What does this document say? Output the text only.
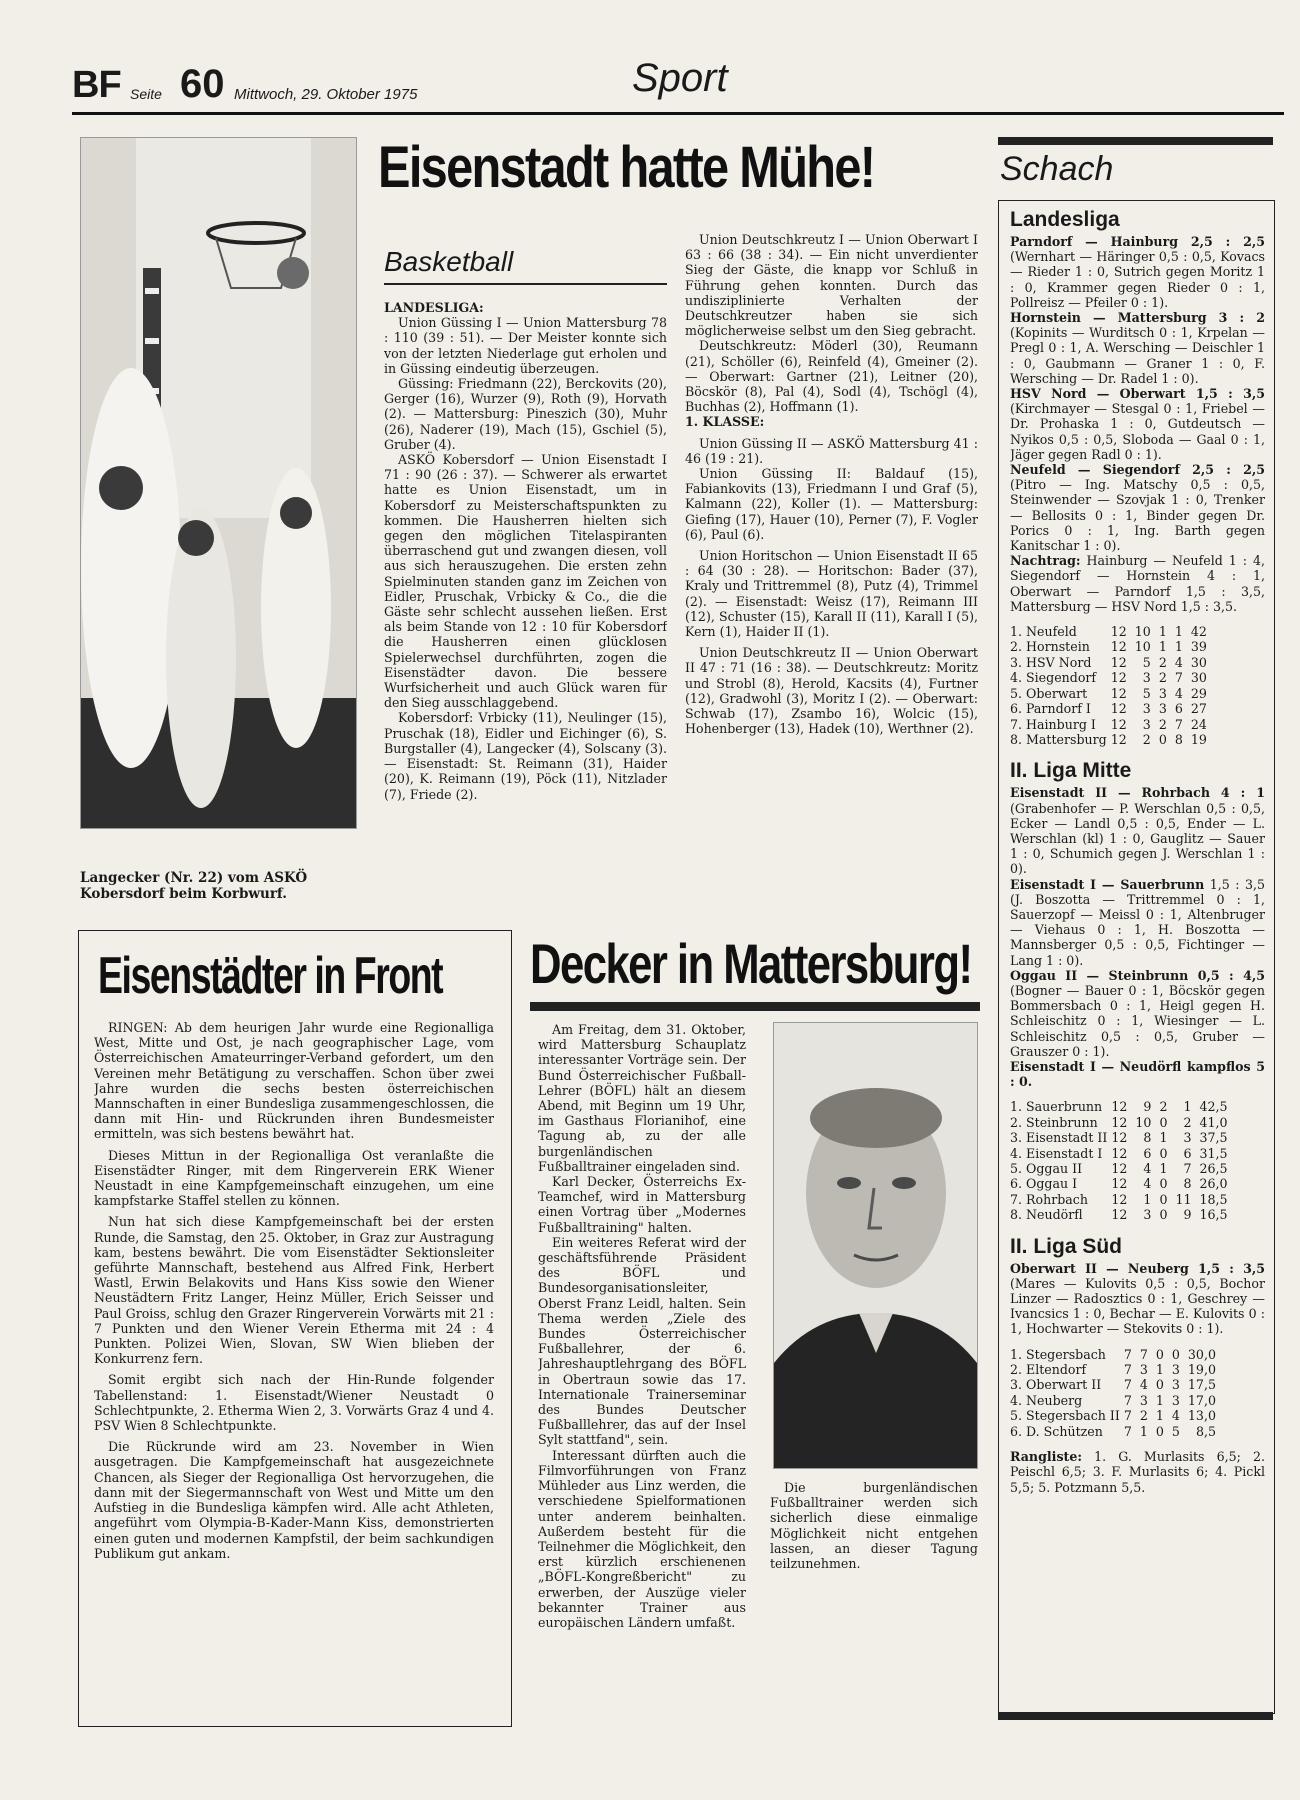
BF Seite 60 Mittwoch, 29. Oktober 1975	Sport
Langecker (Nr. 22) vom ASKÖ Kobersdorf beim Korbwurf.
Eisenstadt hatte Mühe!
Basketball

LANDESLIGA:

Union Güssing I — Union Mattersburg 78 : 110 (39 : 51). — Der Meister konnte sich von der letzten Niederlage gut erholen und in Güssing eindeutig überzeugen.

Güssing: Friedmann (22), Berckovits (20), Gerger (16), Wurzer (9), Roth (9), Horvath (2). — Mattersburg: Pineszich (30), Muhr (26), Naderer (19), Mach (15), Gschiel (5), Gruber (4).

ASKÖ Kobersdorf — Union Eisenstadt I 71 : 90 (26 : 37). — Schwerer als erwartet hatte es Union Eisenstadt, um in Kobersdorf zu Meisterschaftspunkten zu kommen. Die Hausherren hielten sich gegen den möglichen Titelaspiranten überraschend gut und zwangen diesen, voll aus sich herauszugehen. Die ersten zehn Spielminuten standen ganz im Zeichen von Eidler, Pruschak, Vrbicky & Co., die die Gäste sehr schlecht aussehen ließen. Erst als beim Stande von 12 : 10 für Kobersdorf die Hausherren einen glücklosen Spielerwechsel durchführten, zogen die Eisenstädter davon. Die bessere Wurfsicherheit und auch Glück waren für den Sieg ausschlaggebend.

Kobersdorf: Vrbicky (11), Neulinger (15), Pruschak (18), Eidler und Eichinger (6), S. Burgstaller (4), Langecker (4), Solscany (3). — Eisenstadt: St. Reimann (31), Haider (20), K. Reimann (19), Pöck (11), Nitzlader (7), Friede (2).

Union Deutschkreutz I — Union Oberwart I 63 : 66 (38 : 34). — Ein nicht unverdienter Sieg der Gäste, die knapp vor Schluß in Führung gehen konnten. Durch das undisziplinierte Verhalten der Deutschkreutzer haben sie sich möglicherweise selbst um den Sieg gebracht.

Deutschkreutz: Möderl (30), Reumann (21), Schöller (6), Reinfeld (4), Gmeiner (2). — Oberwart: Gartner (21), Leitner (20), Böcskör (8), Pal (4), Sodl (4), Tschögl (4), Buchhas (2), Hoffmann (1).

1. KLASSE:

Union Güssing II — ASKÖ Mattersburg 41 : 46 (19 : 21).

Union Güssing II: Baldauf (15), Fabiankovits (13), Friedmann I und Graf (5), Kalmann (22), Koller (1). — Mattersburg: Giefing (17), Hauer (10), Perner (7), F. Vogler (6), Paul (6).

Union Horitschon — Union Eisenstadt II 65 : 64 (30 : 28). — Horitschon: Bader (37), Kraly und Trittremmel (8), Putz (4), Trimmel (2). — Eisenstadt: Weisz (17), Reimann III (12), Schuster (15), Karall II (11), Karall I (5), Kern (1), Haider II (1).

Union Deutschkreutz II — Union Oberwart II 47 : 71 (16 : 38). — Deutschkreutz: Moritz und Strobl (8), Herold, Kacsits (4), Furtner (12), Gradwohl (3), Moritz I (2). — Oberwart: Schwab (17), Zsambo 16), Wolcic (15), Hohenberger (13), Hadek (10), Werthner (2).

Eisenstädter in Front

RINGEN: Ab dem heurigen Jahr wurde eine Regionalliga West, Mitte und Ost, je nach geographischer Lage, vom Österreichischen Amateurringer-Verband gefordert, um den Vereinen mehr Betätigung zu verschaffen. Schon über zwei Jahre wurden die sechs besten österreichischen Mannschaften in einer Bundesliga zusammengeschlossen, die dann mit Hin- und Rückrunden ihren Bundesmeister ermitteln, was sich bestens bewährt hat.

Dieses Mittun in der Regionalliga Ost veranlaßte die Eisenstädter Ringer, mit dem Ringerverein ERK Wiener Neustadt in eine Kampfgemeinschaft einzugehen, um eine kampfstarke Staffel stellen zu können.

Nun hat sich diese Kampfgemeinschaft bei der ersten Runde, die Samstag, den 25. Oktober, in Graz zur Austragung kam, bestens bewährt. Die vom Eisenstädter Sektionsleiter geführte Mannschaft, bestehend aus Alfred Fink, Herbert Wastl, Erwin Belakovits und Hans Kiss sowie den Wiener Neustädtern Fritz Langer, Heinz Müller, Erich Seisser und Paul Groiss, schlug den Grazer Ringerverein Vorwärts mit 21 : 7 Punkten und den Wiener Verein Etherma mit 24 : 4 Punkten. Polizei Wien, Slovan, SW Wien blieben der Konkurrenz fern.

Somit ergibt sich nach der Hin-Runde folgender Tabellenstand: 1. Eisenstadt/Wiener Neustadt 0 Schlechtpunkte, 2. Etherma Wien 2, 3. Vorwärts Graz 4 und 4. PSV Wien 8 Schlechtpunkte.

Die Rückrunde wird am 23. November in Wien ausgetragen. Die Kampfgemeinschaft hat ausgezeichnete Chancen, als Sieger der Regionalliga Ost hervorzugehen, die dann mit der Siegermannschaft von West und Mitte um den Aufstieg in die Bundesliga kämpfen wird. Alle acht Athleten, angeführt vom Olympia-B-Kader-Mann Kiss, demonstrierten einen guten und modernen Kampfstil, der beim sachkundigen Publikum gut ankam.

Decker in Mattersburg!

Am Freitag, dem 31. Oktober, wird Mattersburg Schauplatz interessanter Vorträge sein. Der Bund Österreichischer Fußball-Lehrer (BÖFL) hält an diesem Abend, mit Beginn um 19 Uhr, im Gasthaus Florianihof, eine Tagung ab, zu der alle burgenländischen Fußballtrainer eingeladen sind.

Karl Decker, Österreichs Ex-Teamchef, wird in Mattersburg einen Vortrag über „Modernes Fußballtraining" halten.

Ein weiteres Referat wird der geschäftsführende Präsident des BÖFL und Bundesorganisationsleiter, Oberst Franz Leidl, halten. Sein Thema werden „Ziele des Bundes Österreichischer Fußballehrer, der 6. Jahreshauptlehrgang des BÖFL in Obertraun sowie das 17. Internationale Trainerseminar des Bundes Deutscher Fußballlehrer, das auf der Insel Sylt stattfand", sein.

Interessant dürften auch die Filmvorführungen von Franz Mühleder aus Linz werden, die verschiedene Spielformationen unter anderem beinhalten. Außerdem besteht für die Teilnehmer die Möglichkeit, den erst kürzlich erschienenen „BÖFL-Kongreßbericht" zu erwerben, der Auszüge vieler bekannter Trainer aus europäischen Ländern umfaßt.

Die burgenländischen Fußballtrainer werden sich sicherlich diese einmalige Möglichkeit nicht entgehen lassen, an dieser Tagung teilzunehmen.

Schach
Landesliga

Parndorf — Hainburg 2,5 : 2,5 (Wernhart — Häringer 0,5 : 0,5, Kovacs — Rieder 1 : 0, Sutrich gegen Moritz 1 : 0, Krammer gegen Rieder 0 : 1, Pollreisz — Pfeiler 0 : 1).

Hornstein — Mattersburg 3 : 2 (Kopinits — Wurditsch 0 : 1, Krpelan — Pregl 0 : 1, A. Wersching — Deischler 1 : 0, Gaubmann — Graner 1 : 0, F. Wersching — Dr. Radel 1 : 0).

HSV Nord — Oberwart 1,5 : 3,5 (Kirchmayer — Stesgal 0 : 1, Friebel — Dr. Prohaska 1 : 0, Gutdeutsch — Nyikos 0,5 : 0,5, Sloboda — Gaal 0 : 1, Jäger gegen Radl 0 : 1).

Neufeld — Siegendorf 2,5 : 2,5 (Pitro — Ing. Matschy 0,5 : 0,5, Steinwender — Szovjak 1 : 0, Trenker — Bellosits 0 : 1, Binder gegen Dr. Porics 0 : 1, Ing. Barth gegen Kanitschar 1 : 0).

Nachtrag: Hainburg — Neufeld 1 : 4, Siegendorf — Hornstein 4 : 1, Oberwart — Parndorf 1,5 : 3,5, Mattersburg — HSV Nord 1,5 : 3,5.

1. Neufeld	12	10	1	1	42
2. Hornstein	12	10	1	1	39
3. HSV Nord	12	5	2	4	30
4. Siegendorf	12	3	2	7	30
5. Oberwart	12	5	3	4	29
6. Parndorf I	12	3	3	6	27
7. Hainburg I	12	3	2	7	24
8. Mattersburg	12	2	0	8	19
II. Liga Mitte

Eisenstadt II — Rohrbach 4 : 1 (Grabenhofer — P. Werschlan 0,5 : 0,5, Ecker — Landl 0,5 : 0,5, Ender — L. Werschlan (kl) 1 : 0, Gauglitz — Sauer 1 : 0, Schumich gegen J. Werschlan 1 : 0).

Eisenstadt I — Sauerbrunn 1,5 : 3,5 (J. Boszotta — Trittremmel 0 : 1, Sauerzopf — Meissl 0 : 1, Altenbruger — Viehaus 0 : 1, H. Boszotta — Mannsberger 0,5 : 0,5, Fichtinger — Lang 1 : 0).

Oggau II — Steinbrunn 0,5 : 4,5 (Bogner — Bauer 0 : 1, Böcskör gegen Bommersbach 0 : 1, Heigl gegen H. Schleischitz 0 : 1, Wiesinger — L. Schleischitz 0,5 : 0,5, Gruber — Grauszer 0 : 1).

Eisenstadt I — Neudörfl kampflos 5 : 0.

1. Sauerbrunn	12	9	2	1	42,5
2. Steinbrunn	12	10	0	2	41,0
3. Eisenstadt II	12	8	1	3	37,5
4. Eisenstadt I	12	6	0	6	31,5
5. Oggau II	12	4	1	7	26,5
6. Oggau I	12	4	0	8	26,0
7. Rohrbach	12	1	0	11	18,5
8. Neudörfl	12	3	0	9	16,5
II. Liga Süd

Oberwart II — Neuberg 1,5 : 3,5 (Mares — Kulovits 0,5 : 0,5, Bochor Linzer — Radosztics 0 : 1, Geschrey — Ivancsics 1 : 0, Bechar — E. Kulovits 0 : 1, Hochwarter — Stekovits 0 : 1).

1. Stegersbach	7	7	0	0	30,0
2. Eltendorf	7	3	1	3	19,0
3. Oberwart II	7	4	0	3	17,5
4. Neuberg	7	3	1	3	17,0
5. Stegersbach II	7	2	1	4	13,0
6. D. Schützen	7	1	0	5	8,5

Rangliste: 1. G. Murlasits 6,5; 2. Peischl 6,5; 3. F. Murlasits 6; 4. Pickl 5,5; 5. Potzmann 5,5.
